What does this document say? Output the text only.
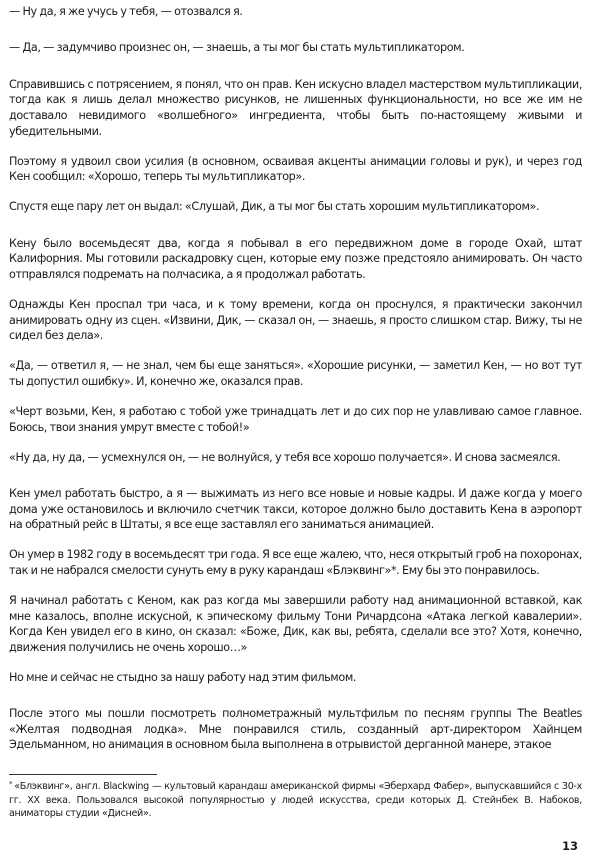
— Ну да, я же учусь у тебя, — отозвался я.

— Да, — задумчиво произнес он, — знаешь, а ты мог бы стать мультипликатором.

Справившись с потрясением, я понял, что он прав. Кен искусно владел мастерством мультипликации, тогда как я лишь делал множество рисунков, не лишенных функциональности, но все же им не доставало невидимого «волшебного» ингредиента, чтобы быть по-настоящему живыми и убедительными.

Поэтому я удвоил свои усилия (в основном, осваивая акценты анимации головы и рук), и через год Кен сообщил: «Хорошо, теперь ты мультипликатор».

Спустя еще пару лет он выдал: «Слушай, Дик, а ты мог бы стать хорошим мультипликатором».

Кену было восемьдесят два, когда я побывал в его передвижном доме в городе Охай, штат Калифорния. Мы готовили раскадровку сцен, которые ему позже предстояло анимировать. Он часто отправлялся подремать на полчасика, а я продолжал работать.

Однажды Кен проспал три часа, и к тому времени, когда он проснулся, я практически закончил анимировать одну из сцен. «Извини, Дик, — сказал он, — знаешь, я просто слишком стар. Вижу, ты не сидел без дела».

«Да, — ответил я, — не знал, чем бы еще заняться». «Хорошие рисунки, — заметил Кен, — но вот тут ты допустил ошибку». И, конечно же, оказался прав.

«Черт возьми, Кен, я работаю с тобой уже тринадцать лет и до сих пор не улавливаю самое главное. Боюсь, твои знания умрут вместе с тобой!»

«Ну да, ну да, — усмехнулся он, — не волнуйся, у тебя все хорошо получается». И снова засмеялся.

Кен умел работать быстро, а я — выжимать из него все новые и новые кадры. И даже когда у моего дома уже остановилось и включило счетчик такси, которое должно было доставить Кена в аэропорт на обратный рейс в Штаты, я все еще заставлял его заниматься анимацией.

Он умер в 1982 году в восемьдесят три года. Я все еще жалею, что, неся открытый гроб на похоронах, так и не набрался смелости сунуть ему в руку карандаш «Блэквинг»*. Ему бы это понравилось.

Я начинал работать с Кеном, как раз когда мы завершили работу над анимационной вставкой, как мне казалось, вполне искусной, к эпическому фильму Тони Ричардсона «Атака легкой кавалерии». Когда Кен увидел его в кино, он сказал: «Боже, Дик, как вы, ребята, сделали все это? Хотя, конечно, движения получились не очень хорошо…»

Но мне и сейчас не стыдно за нашу работу над этим фильмом.

После этого мы пошли посмотреть полнометражный мультфильм по песням группы The Beatles «Желтая подводная лодка». Мне понравился стиль, созданный арт-директором Хайнцем Эдельманном, но анимация в основном была выполнена в отрывистой дерганной манере, этакое

* «Блэквинг», англ. Blackwing — культовый карандаш американской фирмы «Эберхард Фабер», выпускавшийся с 30-х гг. XX века. Пользовался высокой популярностью у людей искусства, среди которых Д. Стейнбек В. Набоков, аниматоры студии «Дисней».
13
